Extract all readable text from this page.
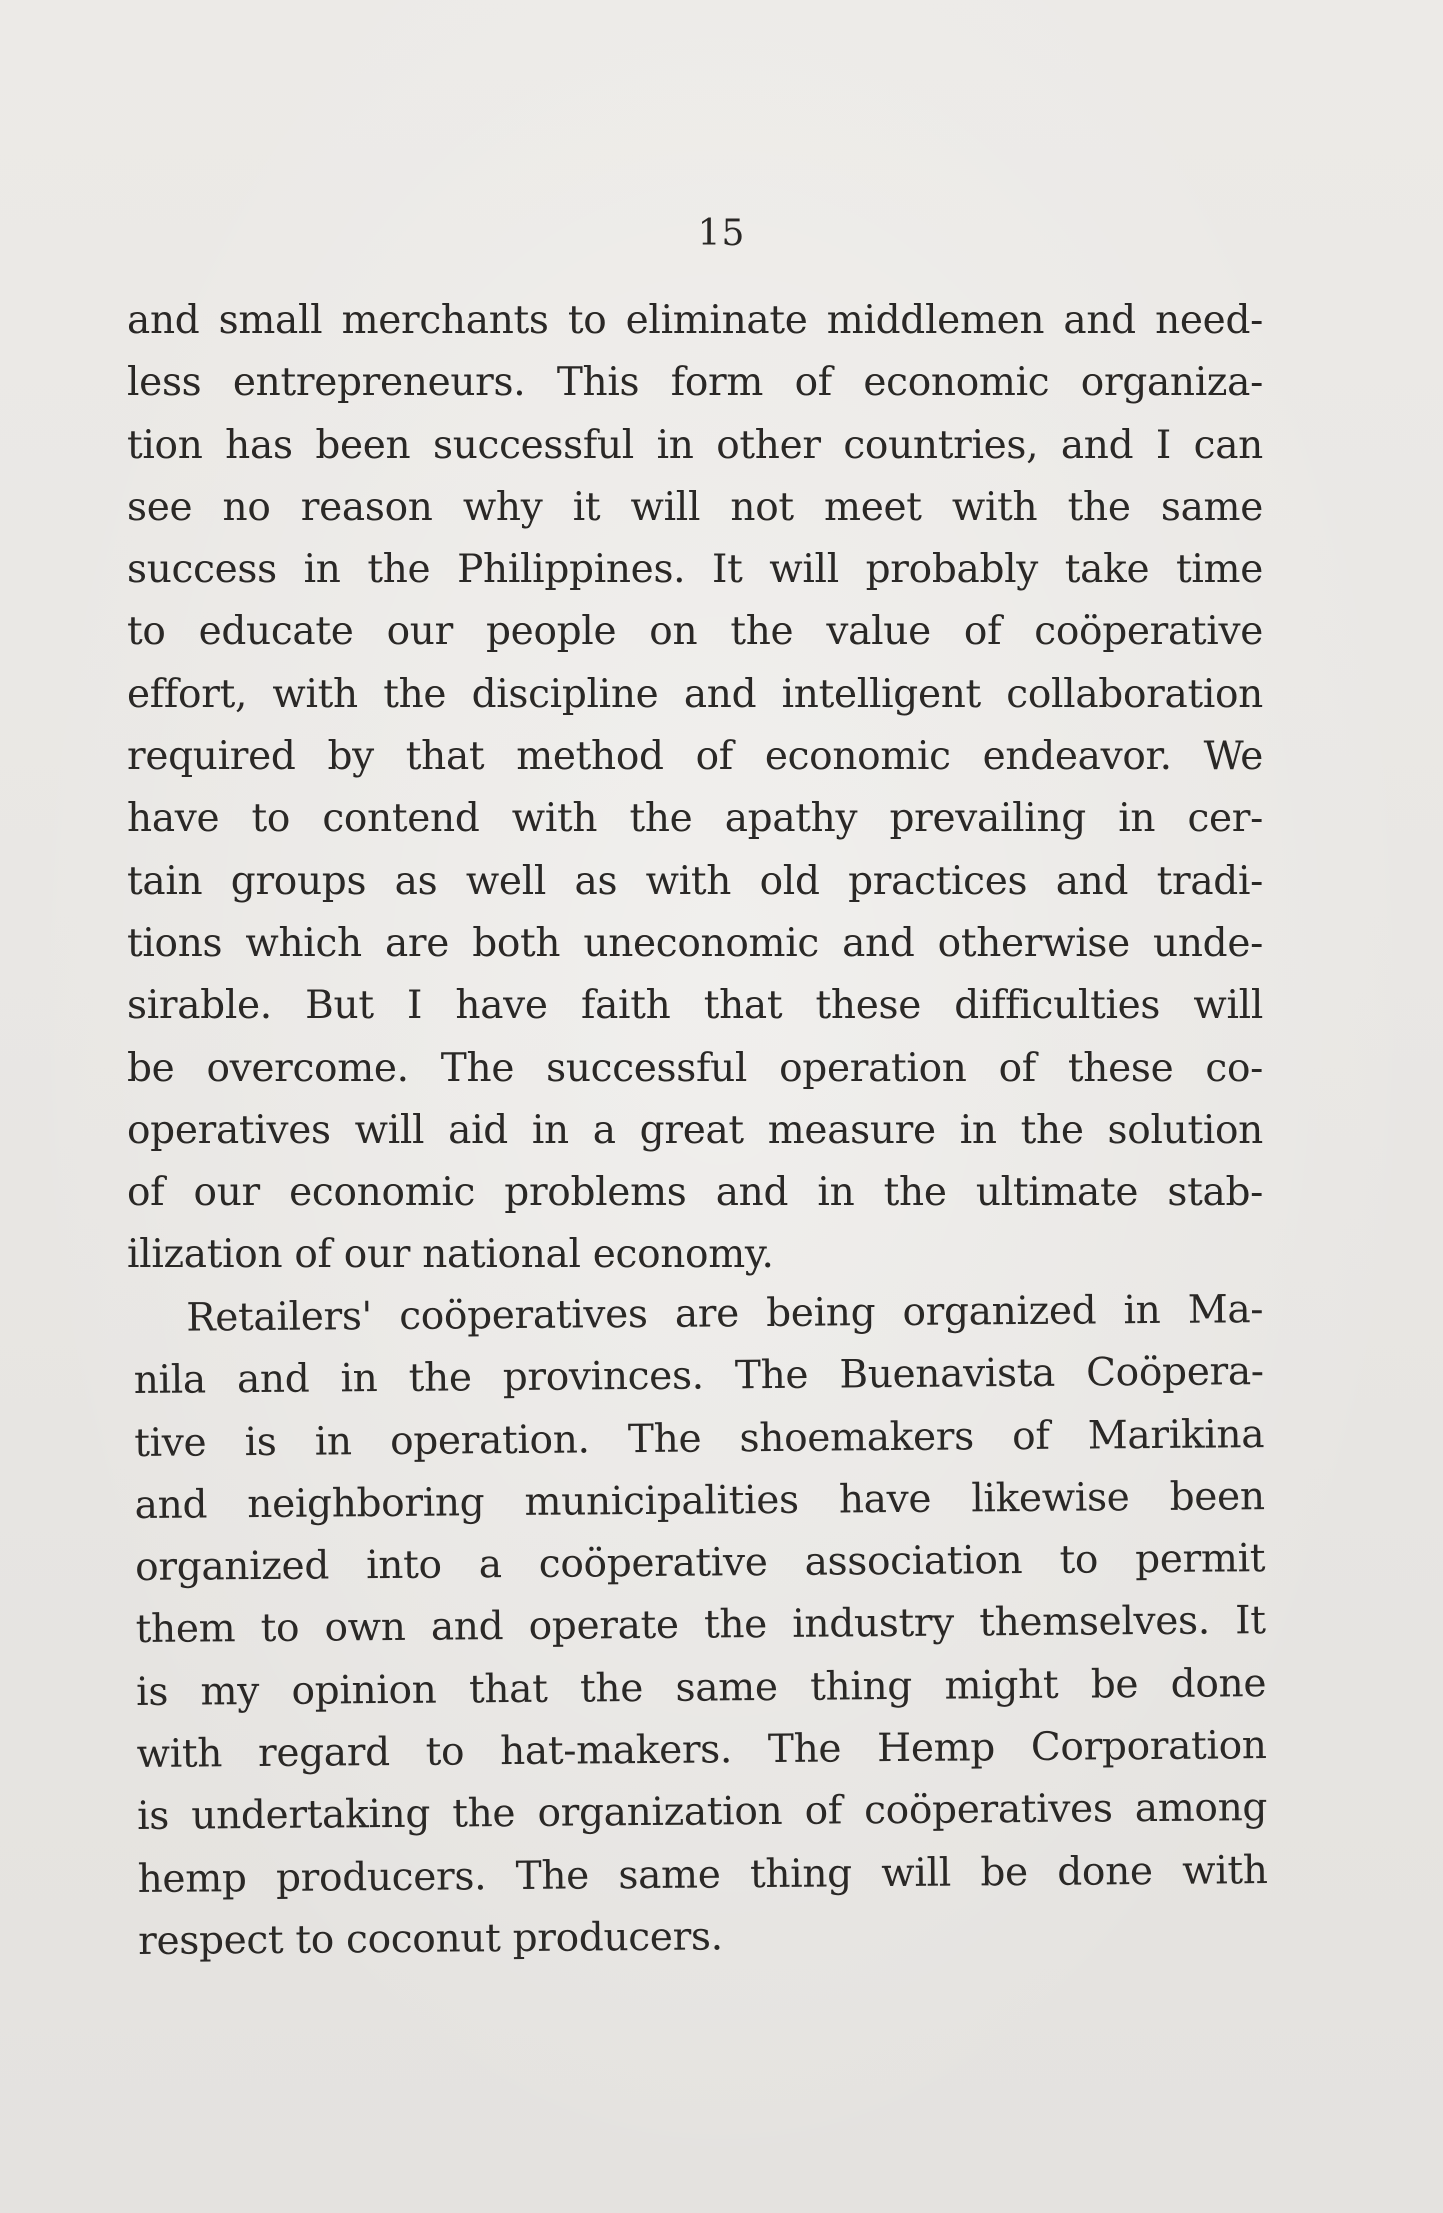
15
and small merchants to eliminate middlemen and need-
less entrepreneurs. This form of economic organiza-
tion has been successful in other countries, and I can
see no reason why it will not meet with the same
success in the Philippines. It will probably take time
to educate our people on the value of coöperative
effort, with the discipline and intelligent collaboration
required by that method of economic endeavor. We
have to contend with the apathy prevailing in cer-
tain groups as well as with old practices and tradi-
tions which are both uneconomic and otherwise unde-
sirable. But I have faith that these difficulties will
be overcome. The successful operation of these co-
operatives will aid in a great measure in the solution
of our economic problems and in the ultimate stab-
ilization of our national economy.
Retailers' coöperatives are being organized in Ma-
nila and in the provinces. The Buenavista Coöpera-
tive is in operation. The shoemakers of Marikina
and neighboring municipalities have likewise been
organized into a coöperative association to permit
them to own and operate the industry themselves. It
is my opinion that the same thing might be done
with regard to hat-makers. The Hemp Corporation
is undertaking the organization of coöperatives among
hemp producers. The same thing will be done with
respect to coconut producers.
